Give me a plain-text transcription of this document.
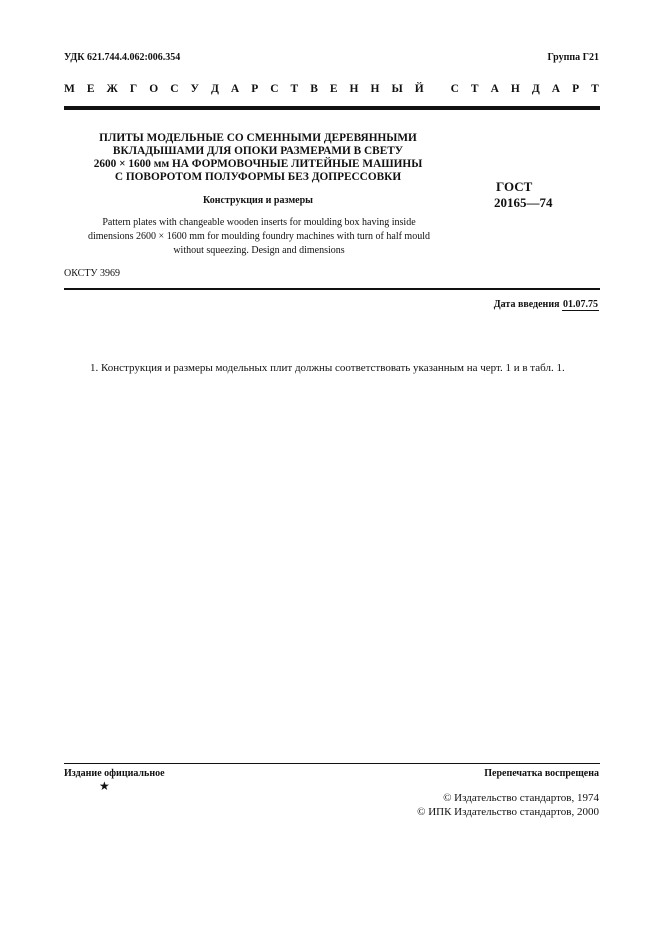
УДК 621.744.4.062:006.354	Группа Г21
М Е Ж Г О С У Д А Р С Т В Е Н Н Ы Й
С Т А Н Д А Р Т
ПЛИТЫ МОДЕЛЬНЫЕ СО СМЕННЫМИ ДЕРЕВЯННЫМИ
ВКЛАДЫШАМИ ДЛЯ ОПОКИ РАЗМЕРАМИ В СВЕТУ
2600 × 1600 мм НА ФОРМОВОЧНЫЕ ЛИТЕЙНЫЕ МАШИНЫ
С ПОВОРОТОМ ПОЛУФОРМЫ БЕЗ ДОПРЕССОВКИ
ГОСТ
20165—74
Конструкция и размеры
Pattern plates with changeable wooden inserts for moulding box having inside
dimensions 2600 × 1600 mm for moulding foundry machines with turn of half mould
without squeezing. Design and dimensions
ОКСТУ 3969
Дата введения 01.07.75
1. Конструкция и размеры модельных плит должны соответствовать указанным на черт. 1 и в табл. 1.
Издание официальное	Перепечатка воспрещена
★
© Издательство стандартов, 1974
© ИПК Издательство стандартов, 2000
